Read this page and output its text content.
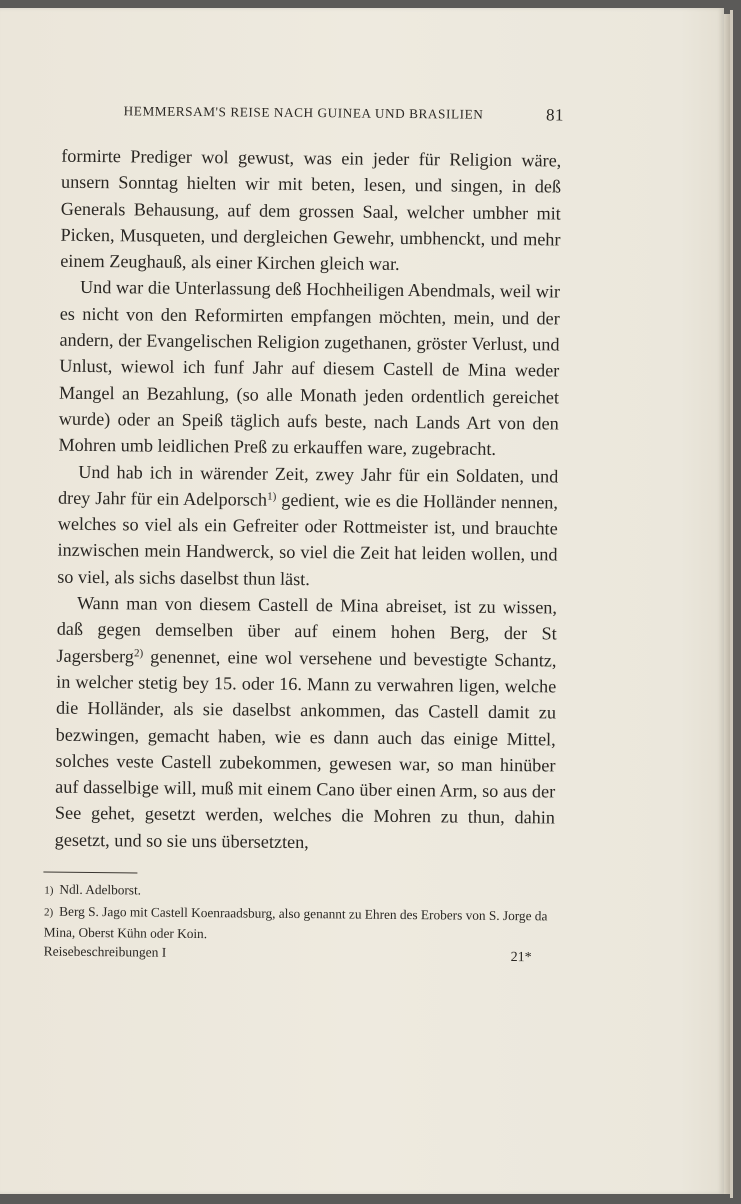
HEMMERSAM'S REISE NACH GUINEA UND BRASILIEN	81

formirte Prediger wol gewust, was ein jeder für Religion wäre, unsern Sonntag hielten wir mit beten, lesen, und singen, in deß Generals Behausung, auf dem grossen Saal, welcher umbher mit Picken, Musqueten, und dergleichen Gewehr, umbhenckt, und mehr einem Zeughauß, als einer Kirchen gleich war.

Und war die Unterlassung deß Hochheiligen Abendmals, weil wir es nicht von den Reformirten empfangen möchten, mein, und der andern, der Evangelischen Religion zugethanen, gröster Verlust, und Unlust, wiewol ich funf Jahr auf diesem Castell de Mina weder Mangel an Bezahlung, (so alle Monath jeden ordentlich gereichet wurde) oder an Speiß täglich aufs beste, nach Lands Art von den Mohren umb leidlichen Preß zu erkauffen ware, zugebracht.

Und hab ich in wärender Zeit, zwey Jahr für ein Soldaten, und drey Jahr für ein Adelporsch$^{1)}$ gedient, wie es die Holländer nennen, welches so viel als ein Gefreiter oder Rottmeister ist, und brauchte inzwischen mein Handwerck, so viel die Zeit hat leiden wollen, und so viel, als sichs daselbst thun läst.

Wann man von diesem Castell de Mina abreiset, ist zu wissen, daß gegen demselben über auf einem hohen Berg, der St Jagersberg$^{2)}$ genennet, eine wol versehene und bevestigte Schantz, in welcher stetig bey 15. oder 16. Mann zu verwahren ligen, welche die Holländer, als sie daselbst ankommen, das Castell damit zu bezwingen, gemacht haben, wie es dann auch das einige Mittel, solches veste Castell zubekommen, gewesen war, so man hinüber auf dasselbige will, muß mit einem Cano über einen Arm, so aus der See gehet, gesetzt werden, welches die Mohren zu thun, dahin gesetzt, und so sie uns übersetzten,

1) Ndl. Adelborst.

2) Berg S. Jago mit Castell Koenraadsburg, also genannt zu Ehren des Erobers von S. Jorge da Mina, Oberst Kühn oder Koin.

Reisebeschreibungen I	21*
